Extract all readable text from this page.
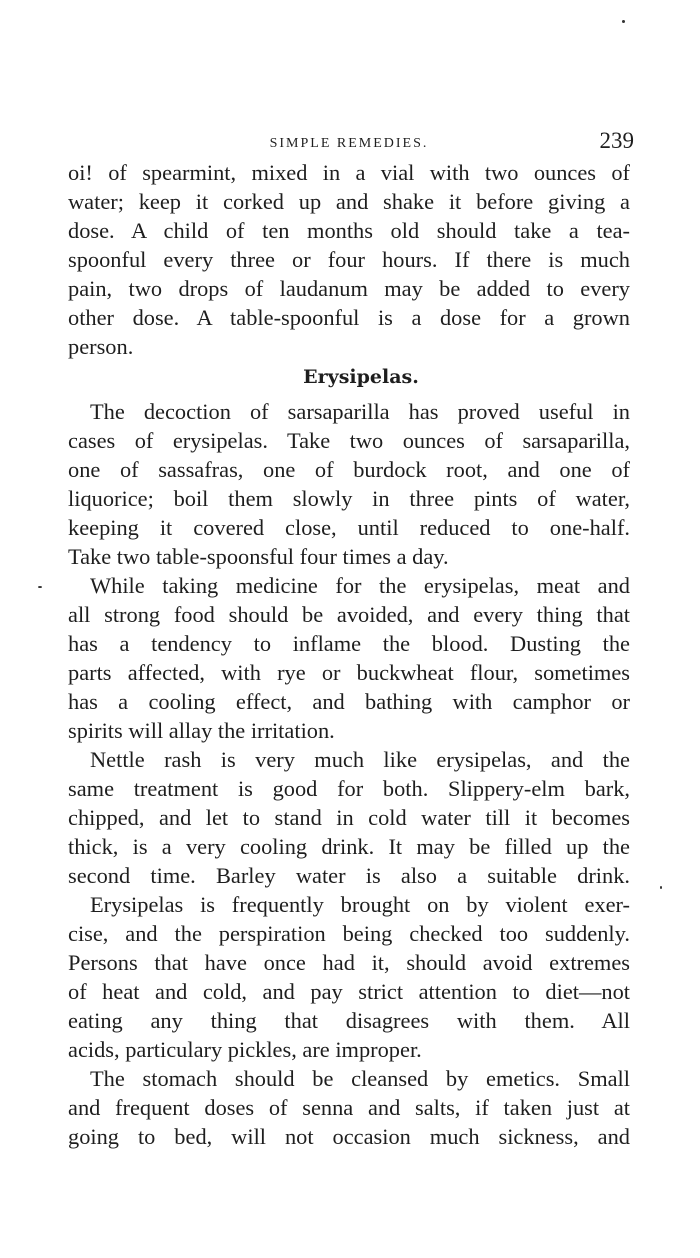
SIMPLE REMEDIES.	239
oi! of spearmint, mixed in a vial with two ounces of
water; keep it corked up and shake it before giving a
dose. A child of ten months old should take a tea-
spoonful every three or four hours. If there is much
pain, two drops of laudanum may be added to every
other dose. A table-spoonful is a dose for a grown
person.
Erysipelas.
The decoction of sarsaparilla has proved useful in
cases of erysipelas. Take two ounces of sarsaparilla,
one of sassafras, one of burdock root, and one of
liquorice; boil them slowly in three pints of water,
keeping it covered close, until reduced to one-half.
Take two table-spoonsful four times a day.
While taking medicine for the erysipelas, meat and
all strong food should be avoided, and every thing that
has a tendency to inflame the blood. Dusting the
parts affected, with rye or buckwheat flour, sometimes
has a cooling effect, and bathing with camphor or
spirits will allay the irritation.
Nettle rash is very much like erysipelas, and the
same treatment is good for both. Slippery-elm bark,
chipped, and let to stand in cold water till it becomes
thick, is a very cooling drink. It may be filled up the
second time. Barley water is also a suitable drink.
Erysipelas is frequently brought on by violent exer-
cise, and the perspiration being checked too suddenly.
Persons that have once had it, should avoid extremes
of heat and cold, and pay strict attention to diet—not
eating any thing that disagrees with them. All
acids, particulary pickles, are improper.
The stomach should be cleansed by emetics. Small
and frequent doses of senna and salts, if taken just at
going to bed, will not occasion much sickness, and
